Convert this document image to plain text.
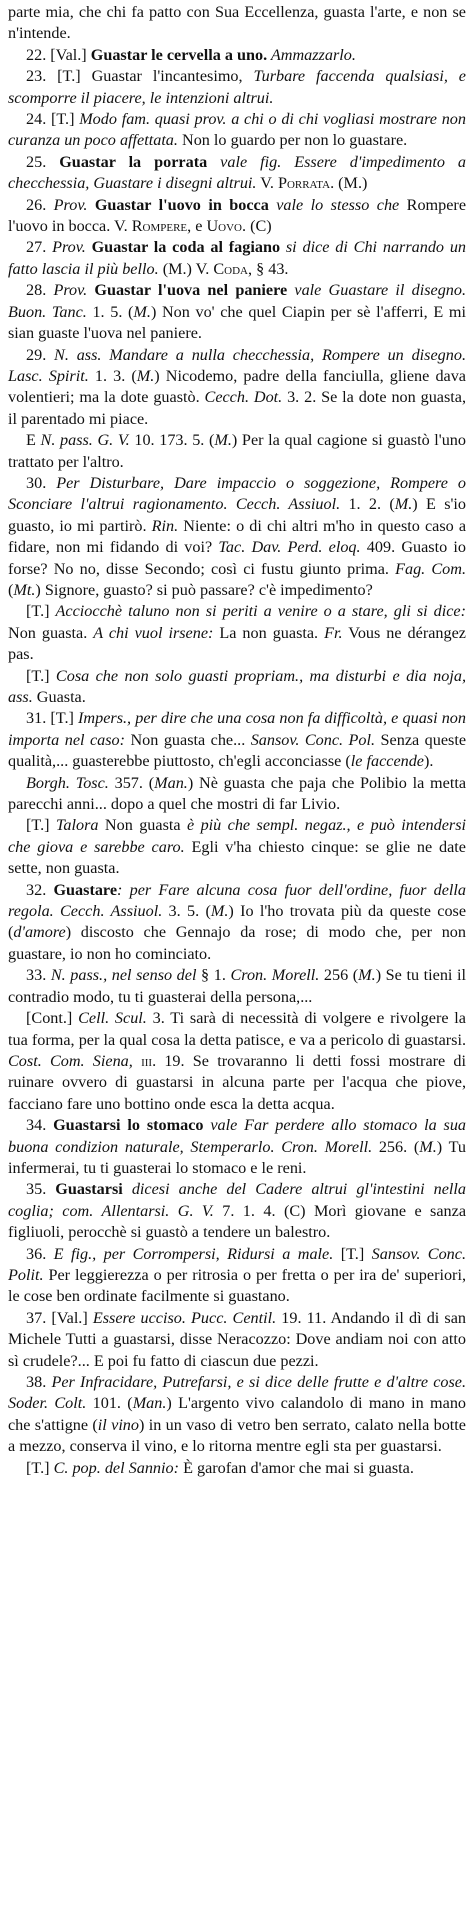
parte mia, che chi fa patto con Sua Eccellenza, guasta l'arte, e non se n'intende.

22. [Val.] Guastar le cervella a uno. Ammazzarlo.

23. [T.] Guastar l'incantesimo, Turbare faccenda qualsiasi, e scomporre il piacere, le intenzioni altrui.

24. [T.] Modo fam. quasi prov. a chi o di chi vogliasi mostrare non curanza un poco affettata. Non lo guardo per non lo guastare.

25. Guastar la porrata vale fig. Essere d'impedimento a checchessia, Guastare i disegni altrui. V. Porrata. (M.)

26. Prov. Guastar l'uovo in bocca vale lo stesso che Rompere l'uovo in bocca. V. Rompere, e Uovo. (C)

27. Prov. Guastar la coda al fagiano si dice di Chi narrando un fatto lascia il più bello. (M.) V. Coda, § 43.

28. Prov. Guastar l'uova nel paniere vale Guastare il disegno. Buon. Tanc. 1. 5. (M.) Non vo' che quel Ciapin per sè l'afferri, E mi sian guaste l'uova nel paniere.

29. N. ass. Mandare a nulla checchessia, Rompere un disegno. Lasc. Spirit. 1. 3. (M.) Nicodemo, padre della fanciulla, gliene dava volentieri; ma la dote guastò. Cecch. Dot. 3. 2. Se la dote non guasta, il parentado mi piace.

E N. pass. G. V. 10. 173. 5. (M.) Per la qual cagione si guastò l'uno trattato per l'altro.

30. Per Disturbare, Dare impaccio o soggezione, Rompere o Sconciare l'altrui ragionamento. Cecch. Assiuol. 1. 2. (M.) E s'io guasto, io mi partirò. Rin. Niente: o di chi altri m'ho in questo caso a fidare, non mi fidando di voi? Tac. Dav. Perd. eloq. 409. Guasto io forse? No no, disse Secondo; così ci fustu giunto prima. Fag. Com. (Mt.) Signore, guasto? si può passare? c'è impedimento?

[T.] Acciocchè taluno non si periti a venire o a stare, gli si dice: Non guasta. A chi vuol irsene: La non guasta. Fr. Vous ne dérangez pas.

[T.] Cosa che non solo guasti propriam., ma disturbi e dia noja, ass. Guasta.

31. [T.] Impers., per dire che una cosa non fa difficoltà, e quasi non importa nel caso: Non guasta che... Sansov. Conc. Pol. Senza queste qualità,... guasterebbe piuttosto, ch'egli acconciasse (le faccende).

Borgh. Tosc. 357. (Man.) Nè guasta che paja che Polibio la metta parecchi anni... dopo a quel che mostri di far Livio.

[T.] Talora Non guasta è più che sempl. negaz., e può intendersi che giova e sarebbe caro. Egli v'ha chiesto cinque: se glie ne date sette, non guasta.

32. Guastare: per Fare alcuna cosa fuor dell'ordine, fuor della regola. Cecch. Assiuol. 3. 5. (M.) Io l'ho trovata più da queste cose (d'amore) discosto che Gennajo da rose; di modo che, per non guastare, io non ho cominciato.

33. N. pass., nel senso del § 1. Cron. Morell. 256 (M.) Se tu tieni il contradio modo, tu ti guasterai della persona,...

[Cont.] Cell. Scul. 3. Ti sarà di necessità di volgere e rivolgere la tua forma, per la qual cosa la detta patisce, e va a pericolo di guastarsi. Cost. Com. Siena, iii. 19. Se trovaranno li detti fossi mostrare di ruinare ovvero di guastarsi in alcuna parte per l'acqua che piove, facciano fare uno bottino onde esca la detta acqua.

34. Guastarsi lo stomaco vale Far perdere allo stomaco la sua buona condizion naturale, Stemperarlo. Cron. Morell. 256. (M.) Tu infermerai, tu ti guasterai lo stomaco e le reni.

35. Guastarsi dicesi anche del Cadere altrui gl'intestini nella coglia; com. Allentarsi. G. V. 7. 1. 4. (C) Morì giovane e sanza figliuoli, perocchè si guastò a tendere un balestro.

36. E fig., per Corrompersi, Ridursi a male. [T.] Sansov. Conc. Polit. Per leggierezza o per ritrosia o per fretta o per ira de' superiori, le cose ben ordinate facilmente si guastano.

37. [Val.] Essere ucciso. Pucc. Centil. 19. 11. Andando il dì di san Michele Tutti a guastarsi, disse Neracozzo: Dove andiam noi con atto sì crudele?... E poi fu fatto di ciascun due pezzi.

38. Per Infracidare, Putrefarsi, e si dice delle frutte e d'altre cose. Soder. Colt. 101. (Man.) L'argento vivo calandolo di mano in mano che s'attigne (il vino) in un vaso di vetro ben serrato, calato nella botte a mezzo, conserva il vino, e lo ritorna mentre egli sta per guastarsi.

[T.] C. pop. del Sannio: È garofan d'amor che mai si guasta.
